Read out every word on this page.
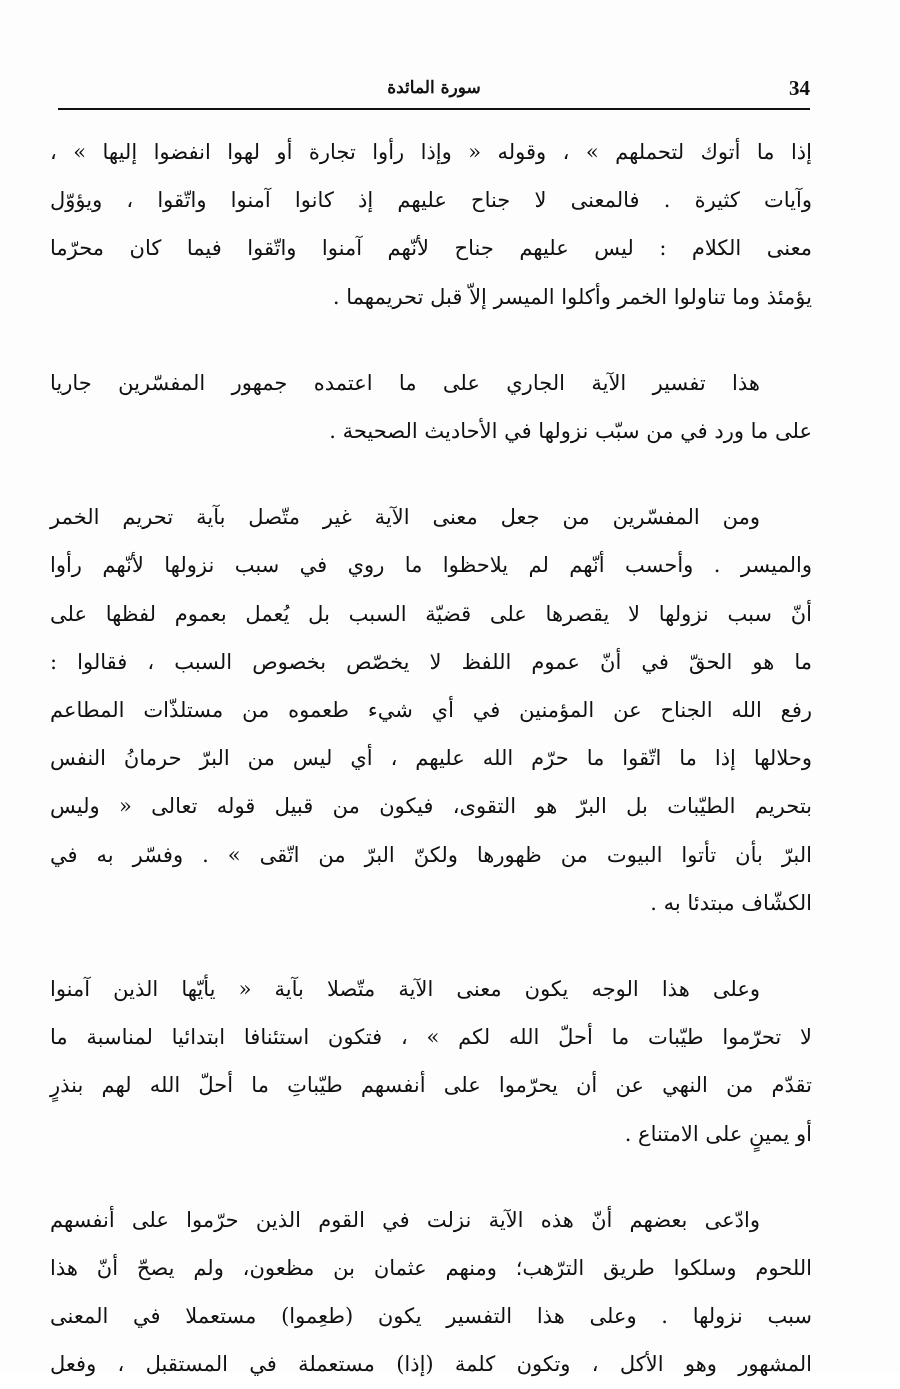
34
سورة المائدة

إذا ما أتوك لتحملهم » ، وقوله « وإذا رأوا تجارة أو لهوا انفضوا إليها » ،
وآيات كثيرة . فالمعنى لا جناح عليهم إذ كانوا آمنوا واتّقوا ، ويؤوّل
معنى الكلام : ليس عليهم جناح لأنّهم آمنوا واتّقوا فيما كان محرّما
يؤمئذ وما تناولوا الخمر وأكلوا الميسر إلاّ قبل تحريمهما .

هذا تفسير الآية الجاري على ما اعتمده جمهور المفسّرين جاريا
على ما ورد في من سبّب نزولها في الأحاديث الصحيحة .

ومن المفسّرين من جعل معنى الآية غير متّصل بآية تحريم الخمر
والميسر . وأحسب أنّهم لم يلاحظوا ما روي في سبب نزولها لأنّهم رأوا
أنّ سبب نزولها لا يقصرها على قضيّة السبب بل يُعمل بعموم لفظها على
ما هو الحقّ في أنّ عموم اللفظ لا يخصّص بخصوص السبب ، فقالوا :
رفع الله الجناح عن المؤمنين في أي شيء طعموه من مستلذّات المطاعم
وحلالها إذا ما اتّقوا ما حرّم الله عليهم ، أي ليس من البرّ حرمانُ النفس
بتحريم الطيّبات بل البرّ هو التقوى، فيكون من قبيل قوله تعالى « وليس
البرّ بأن تأتوا البيوت من ظهورها ولكنّ البرّ من اتّقى » . وفسّر به في
الكشّاف مبتدئا به .

وعلى هذا الوجه يكون معنى الآية متّصلا بآية « يأيّها الذين آمنوا
لا تحرّموا طيّبات ما أحلّ الله لكم » ، فتكون استئنافا ابتدائيا لمناسبة ما
تقدّم من النهي عن أن يحرّموا على أنفسهم طيّباتِ ما أحلّ الله لهم بنذرٍ
أو يمينٍ على الامتناع .

وادّعى بعضهم أنّ هذه الآية نزلت في القوم الذين حرّموا على أنفسهم
اللحوم وسلكوا طريق الترّهب؛ ومنهم عثمان بن مظعون، ولم يصحّ أنّ هذا
سبب نزولها . وعلى هذا التفسير يكون (طعِموا) مستعملا في المعنى
المشهور وهو الأكل ، وتكون كلمة (إذا) مستعملة في المستقبل ، وفعل
